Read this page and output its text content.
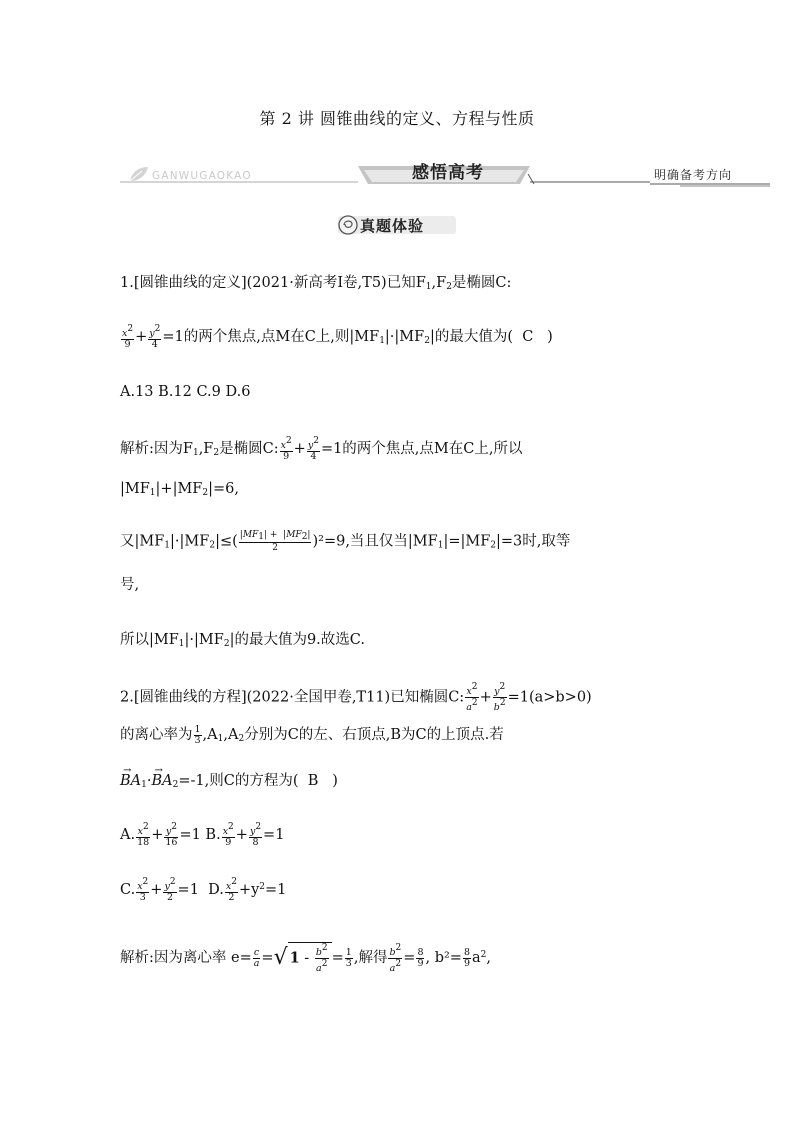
第 2 讲 圆锥曲线的定义、方程与性质
GANWUGAOKAO	感悟高考	明确备考方向
真题体验
1.[圆锥曲线的定义](2021·新高考Ⅰ卷,T5)已知$F_1,F_2$是椭圆C:
$\frac{x^2}{9} + \frac{y^2}{4} =1$的两个焦点,点M在C上,则$|MF_1|\cdot|MF_2|$的最大值为( C   )
A.13 B.12 C.9 D.6
解析:因为$F_1,F_2$是椭圆C: $\frac{x^2}{9} + \frac{y^2}{4} =1$的两个焦点,点M在C上,所以
$|MF_1|+|MF_2|=6$,
又$|MF_1|\cdot|MF_2|\le( \frac{|MF_1| + |MF_2|}{2} )^2=9$,当且仅当$|MF_1|=|MF_2|=3$时,取等
号,
所以$|MF_1|\cdot|MF_2|$的最大值为9.故选C.
2.[圆锥曲线的方程](2022·全国甲卷,T11)已知椭圆C: $\frac{x^2}{a^2} + \frac{y^2}{b^2} =1(a>b>0)$
的离心率为 $\frac{1}{3} ,A_1,A_2$分别为C的左、右顶点,B为C的上顶点.若
→ $BA_1\cdot\to BA_2=-1$,则C的方程为( B   )
A. $\frac{x^2}{18} + \frac{y^2}{16} =1$ B. $\frac{x^2}{9} + \frac{y^2}{8} =1$
C. $\frac{x^2}{3} + \frac{y^2}{2} =1$  D. $\frac{x^2}{2} +y^2=1$
解析:因为离心率 $e= \frac{c}{a}$ =√ $1 - \frac{b^2}{a^2} = \frac{1}{3}$ ,解得 $\frac{b^2}{a^2} = \frac{8}{9}$ , $b^2= \frac{8}{9} a^2$,
